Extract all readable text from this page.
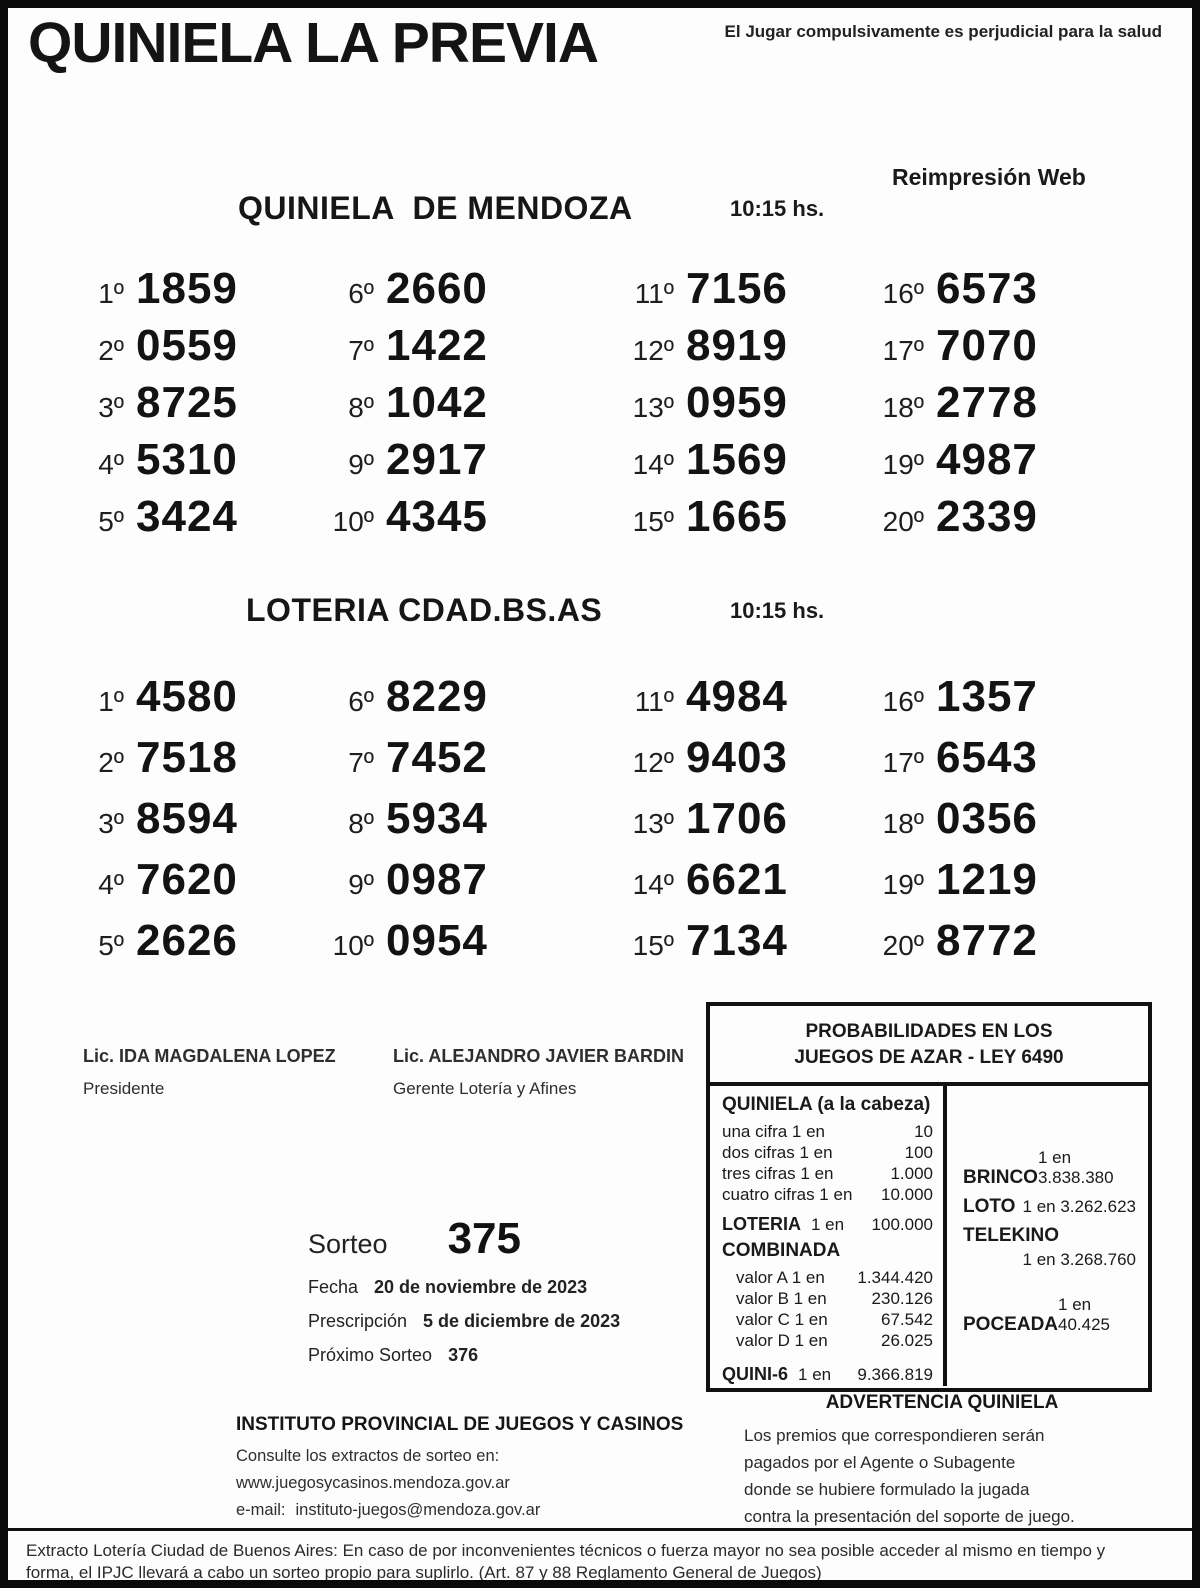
QUINIELA LA PREVIA	El Jugar compulsivamente es perjudicial para la salud
Reimpresión Web
QUINIELA  DE MENDOZA	10:15 hs.
1º 1859
2º 0559
3º 8725
4º 5310
5º 3424
6º 2660
7º 1422
8º 1042
9º 2917
10º 4345
11º 7156
12º 8919
13º 0959
14º 1569
15º 1665
16º 6573
17º 7070
18º 2778
19º 4987
20º 2339
LOTERIA CDAD.BS.AS	10:15 hs.
1º 4580
2º 7518
3º 8594
4º 7620
5º 2626
6º 8229
7º 7452
8º 5934
9º 0987
10º 0954
11º 4984
12º 9403
13º 1706
14º 6621
15º 7134
16º 1357
17º 6543
18º 0356
19º 1219
20º 8772
Lic. IDA MAGDALENA LOPEZ
Presidente
Lic. ALEJANDRO JAVIER BARDIN
Gerente Lotería y Afines
PROBABILIDADES EN LOS
JUEGOS DE AZAR - LEY 6490
QUINIELA (a la cabeza)
una cifra 1 en	10
dos cifras 1 en	100
tres cifras 1 en	1.000
cuatro cifras 1 en 10.000
LOTERIA 1 en 100.000
COMBINADA
valor A 1 en 1.344.420
valor B 1 en	230.126
valor C 1 en	67.542
valor D 1 en	26.025
QUINI-6 1 en 9.366.819
BRINCO
1 en 3.838.380
LOTO 1 en 3.262.623
TELEKINO
1 en 3.268.760
POCEADA
1 en 40.425
Sorteo 375
Fecha 20 de noviembre de 2023
Prescripción 5 de diciembre de 2023
Próximo Sorteo 376
ADVERTENCIA QUINIELA
Los premios que correspondieren serán
pagados por el Agente o Subagente
donde se hubiere formulado la jugada
contra la presentación del soporte de juego.
INSTITUTO PROVINCIAL DE JUEGOS Y CASINOS
Consulte los extractos de sorteo en:
www.juegosycasinos.mendoza.gov.ar
e-mail: instituto-juegos@mendoza.gov.ar
Extracto Lotería Ciudad de Buenos Aires: En caso de por inconvenientes técnicos o fuerza mayor no sea posible acceder al mismo en tiempo y
forma, el IPJC llevará a cabo un sorteo propio para suplirlo. (Art. 87 y 88 Reglamento General de Juegos)
